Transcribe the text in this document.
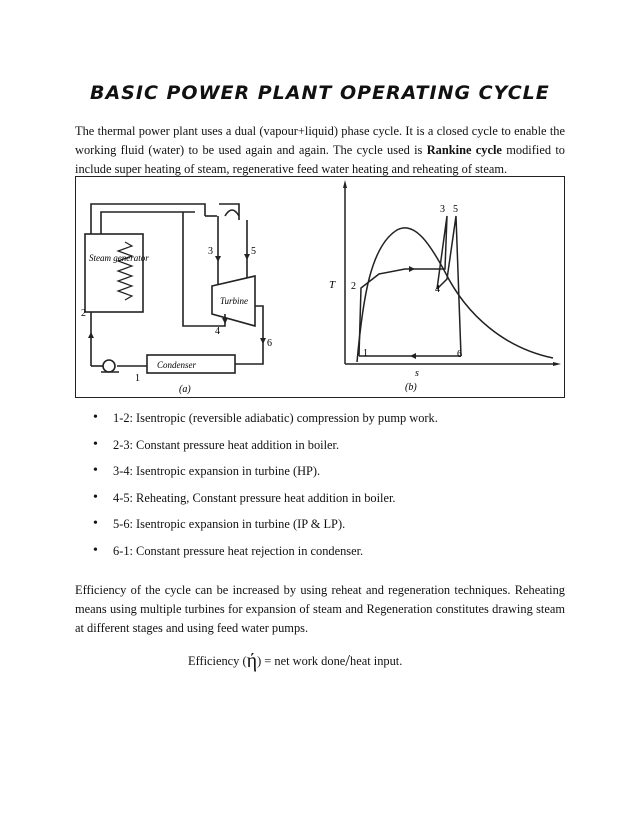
BASIC POWER PLANT OPERATING CYCLE
The thermal power plant uses a dual (vapour+liquid) phase cycle. It is a closed cycle to enable the working fluid (water) to be used again and again. The cycle used is Rankine cycle modified to include super heating of steam, regenerative feed water heating and reheating of steam.
Steam generator
Turbine
Condenser
3	5
4
6
2
1
(a)
T
s
2
1
3 5
4
6
(b)
• 1-2: Isentropic (reversible adiabatic) compression by pump work.
• 2-3: Constant pressure heat addition in boiler.
• 3-4: Isentropic expansion in turbine (HP).
• 4-5: Reheating, Constant pressure heat addition in boiler.
• 5-6: Isentropic expansion in turbine (IP & LP).
• 6-1: Constant pressure heat rejection in condenser.
Efficiency of the cycle can be increased by using reheat and regeneration techniques. Reheating means using multiple turbines for expansion of steam and Regeneration constitutes drawing steam at different stages and using feed water pumps.
Efficiency (ή) = net work done/heat input.
